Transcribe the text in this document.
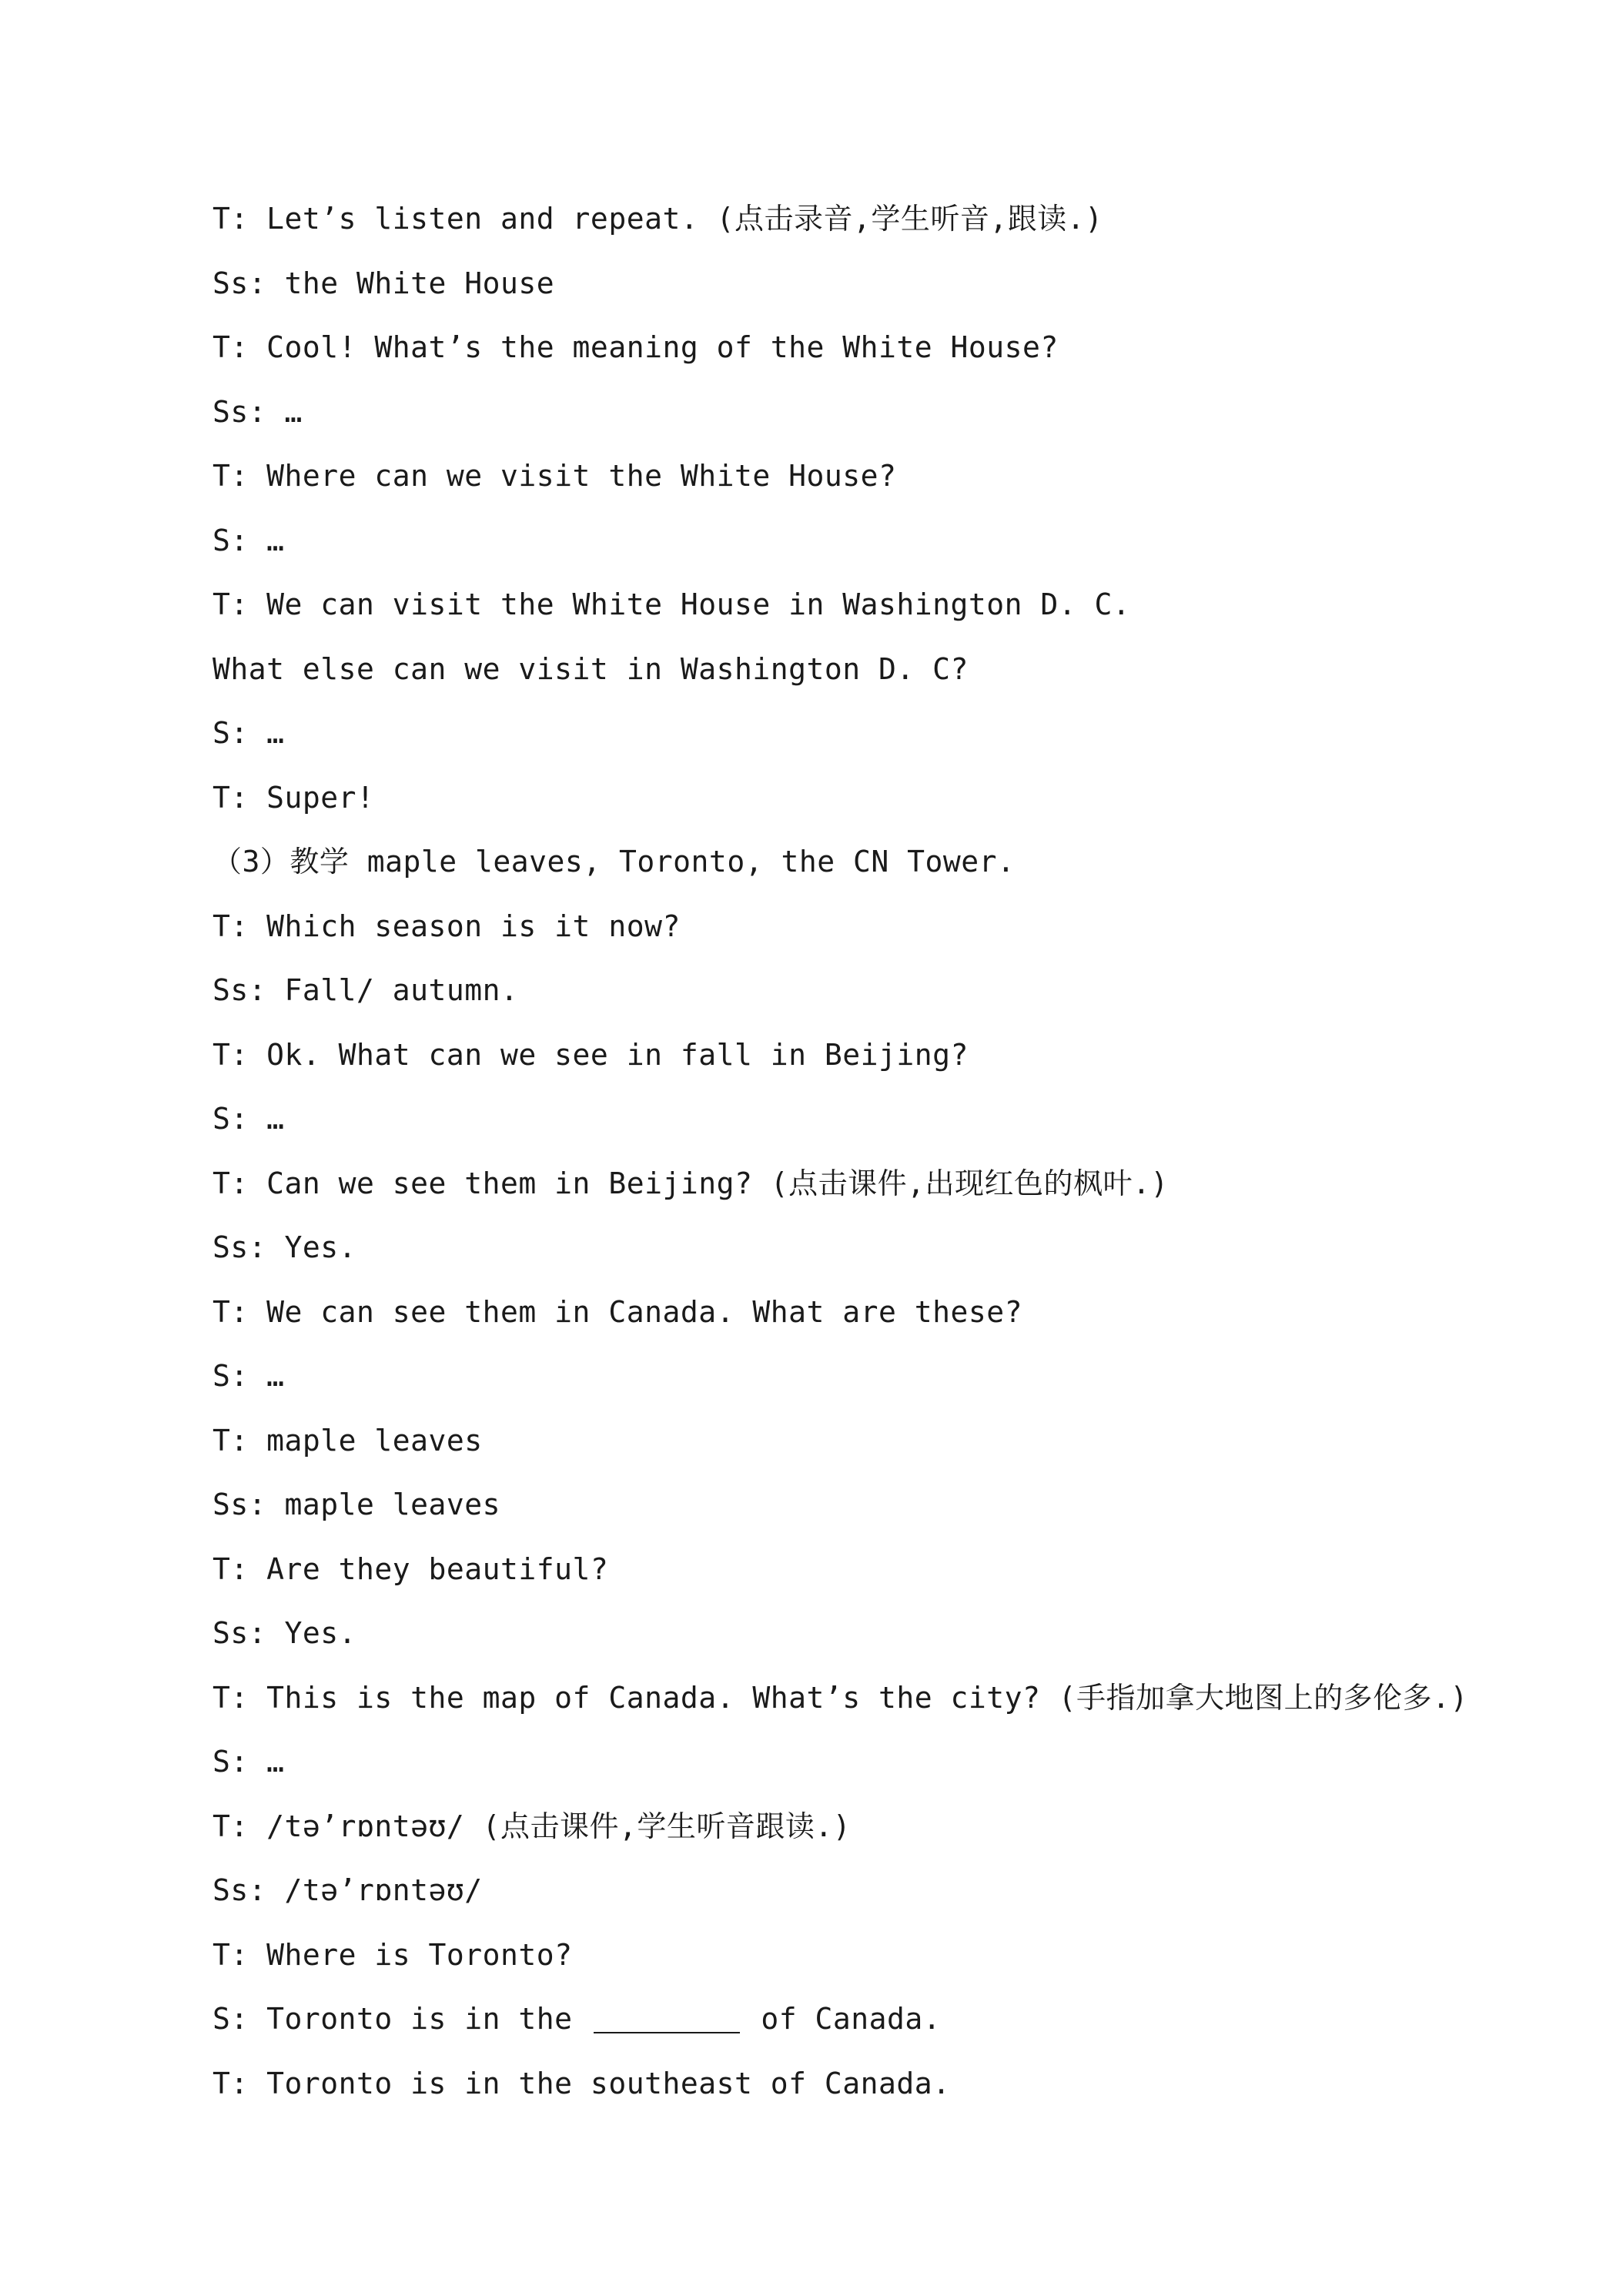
T: Let’s listen and repeat. (点击录音,学生听音,跟读.)
Ss: the White House
T: Cool! What’s the meaning of the White House?
Ss: …
T: Where can we visit the White House?
S: …
T: We can visit the White House in Washington D. C.
What else can we visit in Washington D. C?
S: …
T: Super!
（3）教学 maple leaves, Toronto, the CN Tower.
T: Which season is it now?
Ss: Fall/ autumn.
T: Ok. What can we see in fall in Beijing?
S: …
T: Can we see them in Beijing? (点击课件,出现红色的枫叶.)
Ss: Yes.
T: We can see them in Canada. What are these?
S: …
T: maple leaves
Ss: maple leaves
T: Are they beautiful?
Ss: Yes.
T: This is the map of Canada. What’s the city? (手指加拿大地图上的多伦多.)
S: …
T: /tə’rɒntəʊ/ (点击课件,学生听音跟读.)
Ss: /tə’rɒntəʊ/
T: Where is Toronto?
S: Toronto is in the	of Canada.
T: Toronto is in the southeast of Canada.
